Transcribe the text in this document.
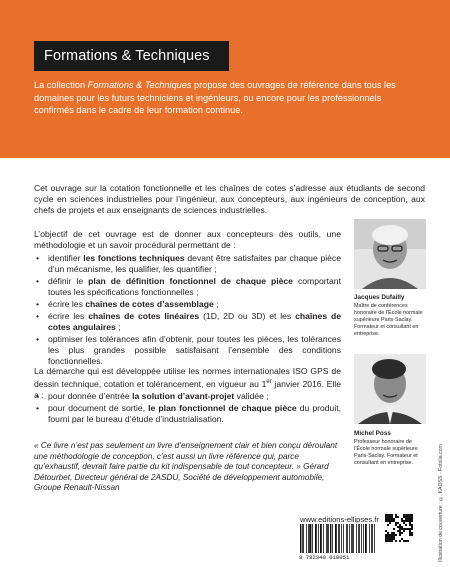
Formations & Techniques

La collection Formations & Techniques propose des ouvrages de référence dans tous les domaines pour les futurs techniciens et ingénieurs, ou encore pour les professionnels confirmés dans le cadre de leur formation continue.

Cet ouvrage sur la cotation fonctionnelle et les chaînes de cotes s’adresse aux étudiants de second cycle en sciences industrielles pour l’ingénieur, aux concepteurs, aux ingénieurs de conception, aux chefs de projets et aux enseignants de sciences industrielles.

L’objectif de cet ouvrage est de donner aux concepteurs des outils, une méthodologie et un savoir procédural permettant de :

• identifier les fonctions techniques devant être satisfaites par chaque pièce d’un mécanisme, les qualifier, les quantifier ;
• définir le plan de définition fonctionnel de chaque pièce comportant toutes les spécifications fonctionnelles ;
• écrire les chaînes de cotes d’assemblage ;
• écrire les chaînes de cotes linéaires (1D, 2D ou 3D) et les chaînes de cotes angulaires ;
• optimiser les tolérances afin d’obtenir, pour toutes les pièces, les tolérances les plus grandes possible satisfaisant l’ensemble des conditions fonctionnelles.

La démarche qui est développée utilise les normes internationales ISO GPS de dessin technique, cotation et tolérancement, en vigueur au 1er janvier 2016. Elle a :

• pour donnée d’entrée la solution d’avant-projet validée ;
• pour document de sortie, le plan fonctionnel de chaque pièce du produit, fourni par le bureau d’étude d’industrialisation.

« Ce livre n’est pas seulement un livre d’enseignement clair et bien conçu déroulant une méthodologie de conception, c’est aussi un livre référence qui, parce qu’exhaustif, devrait faire partie du kit indispensable de tout concepteur. » Gérard Détourbet, Directeur général de 2ASDU, Société de développement automobile, Groupe Renault-Nissan

Jacques Dufailly

Maître de conférences honoraire de l’École normale supérieure Paris-Saclay. Formateur et consultant en entreprise.

Michel Poss

Professeur honoraire de l’École normale supérieure Paris-Saclay. Formateur et consultant en entreprise.	Illustration de couverture : © KAOSS - Fotolia.com

www.editions-ellipses.fr

9 782340 018051
